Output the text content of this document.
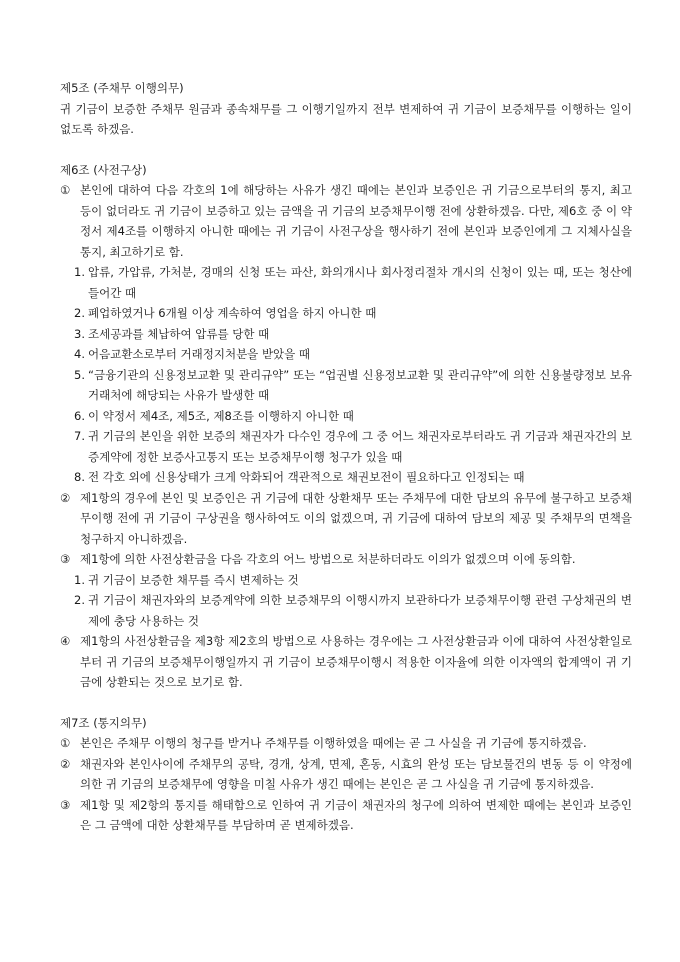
제5조 (주채무 이행의무)

귀 기금이 보증한 주채무 원금과 종속채무를 그 이행기일까지 전부 변제하여 귀 기금이 보증채무를 이행하는 일이 없도록 하겠음.

제6조 (사전구상)

① 본인에 대하여 다음 각호의 1에 해당하는 사유가 생긴 때에는 본인과 보증인은 귀 기금으로부터의 통지, 최고 등이 없더라도 귀 기금이 보증하고 있는 금액을 귀 기금의 보증채무이행 전에 상환하겠음. 다만, 제6호 중 이 약정서 제4조를 이행하지 아니한 때에는 귀 기금이 사전구상을 행사하기 전에 본인과 보증인에게 그 지체사실을 통지, 최고하기로 함.
1. 압류, 가압류, 가처분, 경매의 신청 또는 파산, 화의개시나 회사정리절차 개시의 신청이 있는 때, 또는 청산에 들어간 때
2. 폐업하였거나 6개월 이상 계속하여 영업을 하지 아니한 때
3. 조세공과를 체납하여 압류를 당한 때
4. 어음교환소로부터 거래정지처분을 받았을 때
5. “금융기관의 신용정보교환 및 관리규약” 또는 “업권별 신용정보교환 및 관리규약”에 의한 신용불량정보 보유 거래처에 해당되는 사유가 발생한 때
6. 이 약정서 제4조, 제5조, 제8조를 이행하지 아니한 때
7. 귀 기금의 본인을 위한 보증의 채권자가 다수인 경우에 그 중 어느 채권자로부터라도 귀 기금과 채권자간의 보증계약에 정한 보증사고통지 또는 보증채무이행 청구가 있을 때
8. 전 각호 외에 신용상태가 크게 악화되어 객관적으로 채권보전이 필요하다고 인정되는 때
② 제1항의 경우에 본인 및 보증인은 귀 기금에 대한 상환채무 또는 주채무에 대한 담보의 유무에 불구하고 보증채무이행 전에 귀 기금이 구상권을 행사하여도 이의 없겠으며, 귀 기금에 대하여 담보의 제공 및 주채무의 면책을 청구하지 아니하겠음.
③ 제1항에 의한 사전상환금을 다음 각호의 어느 방법으로 처분하더라도 이의가 없겠으며 이에 동의함.
1. 귀 기금이 보증한 채무를 즉시 변제하는 것
2. 귀 기금이 채권자와의 보증계약에 의한 보증채무의 이행시까지 보관하다가 보증채무이행 관련 구상채권의 변제에 충당 사용하는 것
④ 제1항의 사전상환금을 제3항 제2호의 방법으로 사용하는 경우에는 그 사전상환금과 이에 대하여 사전상환일로부터 귀 기금의 보증채무이행일까지 귀 기금이 보증채무이행시 적용한 이자율에 의한 이자액의 합계액이 귀 기금에 상환되는 것으로 보기로 함.

제7조 (통지의무)

① 본인은 주채무 이행의 청구를 받거나 주채무를 이행하였을 때에는 곧 그 사실을 귀 기금에 통지하겠음.
② 채권자와 본인사이에 주채무의 공탁, 경개, 상계, 면제, 혼동, 시효의 완성 또는 담보물건의 변동 등 이 약정에 의한 귀 기금의 보증채무에 영향을 미칠 사유가 생긴 때에는 본인은 곧 그 사실을 귀 기금에 통지하겠음.
③ 제1항 및 제2항의 통지를 해태함으로 인하여 귀 기금이 채권자의 청구에 의하여 변제한 때에는 본인과 보증인은 그 금액에 대한 상환채무를 부담하며 곧 변제하겠음.
